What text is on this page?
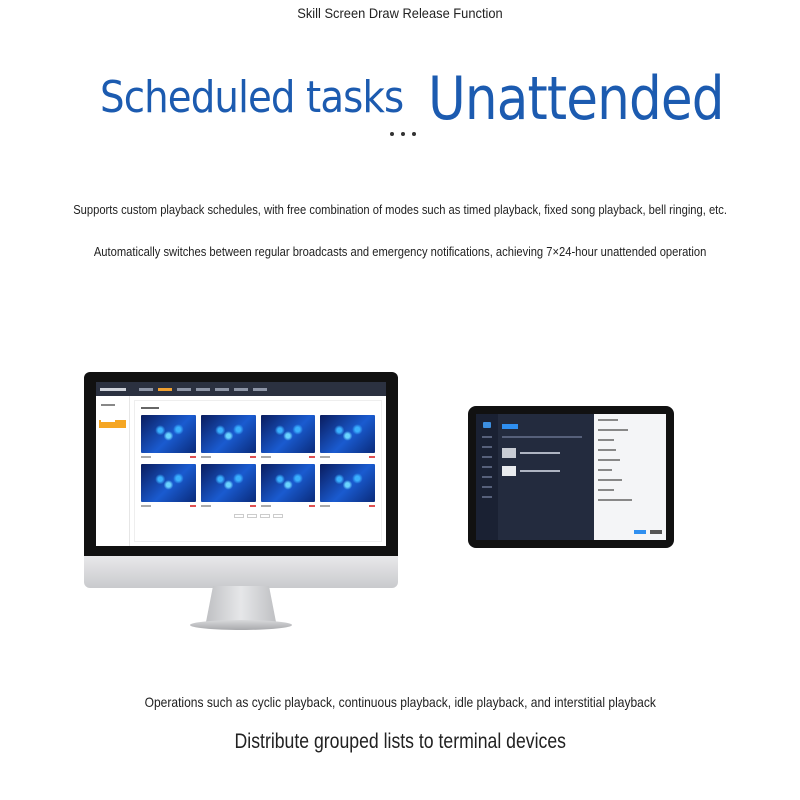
Skill Screen Draw Release Function
Scheduled tasks Unattended
Supports custom playback schedules, with free combination of modes such as timed playback, fixed song playback, bell ringing, etc.
Automatically switches between regular broadcasts and emergency notifications, achieving 7×24-hour unattended operation
Operations such as cyclic playback, continuous playback, idle playback, and interstitial playback
Distribute grouped lists to terminal devices
